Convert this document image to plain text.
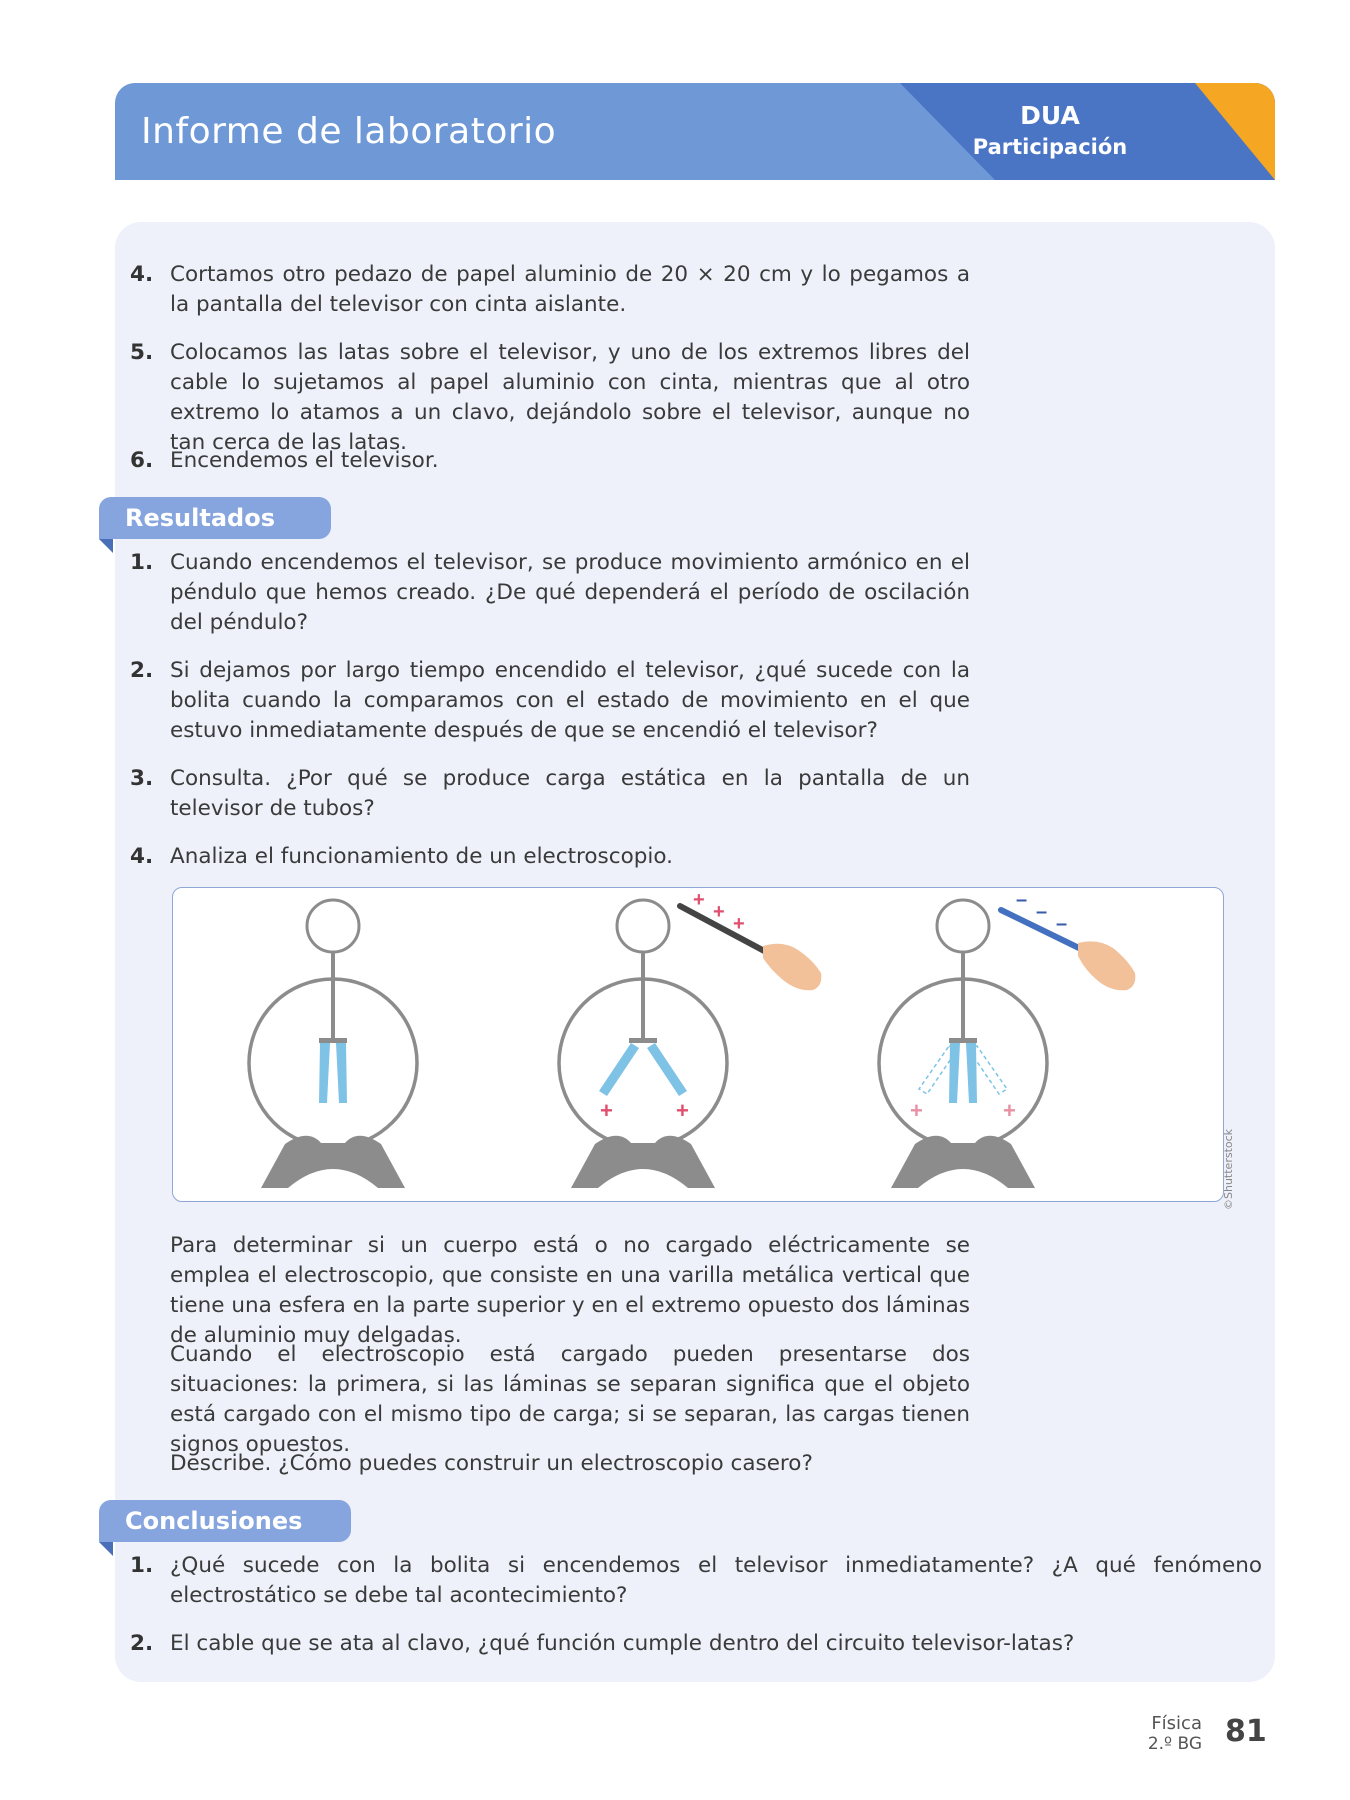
Informe de laboratorio	DUA
Participación
4. Cortamos otro pedazo de papel aluminio de 20 × 20 cm y lo pegamos a la pantalla del televisor con cinta aislante.
5. Colocamos las latas sobre el televisor, y uno de los extremos libres del cable lo sujetamos al papel aluminio con cinta, mientras que al otro extremo lo atamos a un clavo, dejándolo sobre el televisor, aunque no tan cerca de las latas.
6. Encendemos el televisor.
Resultados
1. Cuando encendemos el televisor, se produce movimiento armónico en el péndulo que hemos creado. ¿De qué dependerá el período de oscilación del péndulo?
2. Si dejamos por largo tiempo encendido el televisor, ¿qué sucede con la bolita cuando la comparamos con el estado de movimiento en el que estuvo inmediatamente después de que se encendió el televisor?
3. Consulta. ¿Por qué se produce carga estática en la pantalla de un televisor de tubos?
4. Analiza el funcionamiento de un electroscopio.
+	+
+
+
+
+	+
–
–
–
©Shutterstock
Para determinar si un cuerpo está o no cargado eléctricamente se emplea el electroscopio, que consiste en una varilla metálica vertical que tiene una esfera en la parte superior y en el extremo opuesto dos láminas de aluminio muy delgadas.
Cuando el electroscopio está cargado pueden presentarse dos situaciones: la primera, si las láminas se separan significa que el objeto está cargado con el mismo tipo de carga; si se separan, las cargas tienen signos opuestos.
Describe. ¿Cómo puedes construir un electroscopio casero?
Conclusiones
1. ¿Qué sucede con la bolita si encendemos el televisor inmediatamente? ¿A qué fenómeno electrostático se debe tal acontecimiento?
2. El cable que se ata al clavo, ¿qué función cumple dentro del circuito televisor-latas?
Física
2.º BG 81
